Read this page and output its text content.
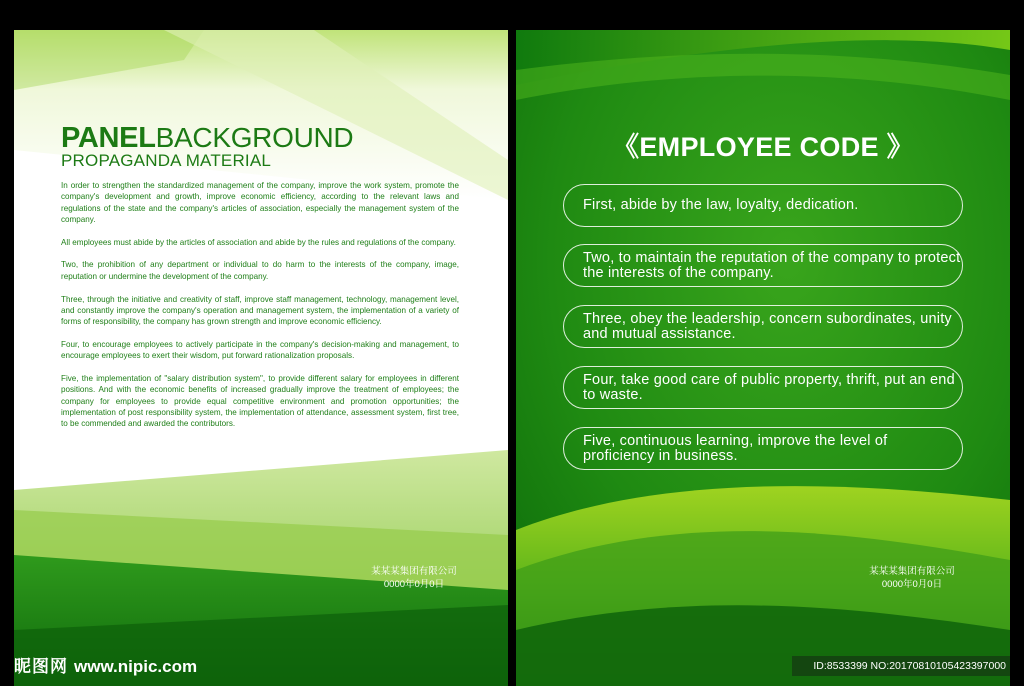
PANELBACKGROUND
PROPAGANDA MATERIAL

In order to strengthen the standardized management of the company, improve the work system, promote the company's development and growth, improve economic efficiency, according to the relevant laws and regulations of the state and the company's articles of association, especially the management system of the company.

All employees must abide by the articles of association and abide by the rules and regulations of the company.

Two, the prohibition of any department or individual to do harm to the interests of the company, image, reputation or undermine the development of the company.

Three, through the initiative and creativity of staff, improve staff management, technology, management level, and constantly improve the company's operation and management system, the implementation of a variety of forms of responsibility, the company has grown strength and improve economic efficiency.

Four, to encourage employees to actively participate in the company's decision-making and management, to encourage employees to exert their wisdom, put forward rationalization proposals.

Five, the implementation of "salary distribution system", to provide different salary for employees in different positions. And with the economic benefits of increased gradually improve the treatment of employees; the company for employees to provide equal competitive environment and promotion opportunities; the implementation of post responsibility system, the implementation of attendance, assessment system, first tree, to be commended and awarded the contributors.

某某某集团有限公司
0000年0月0日
《EMPLOYEE CODE 》
First, abide by the law, loyalty, dedication.
Two, to maintain the reputation of the company to protect the interests of the company.
Three, obey the leadership, concern subordinates, unity and mutual assistance.
Four, take good care of public property, thrift, put an end to waste.
Five, continuous learning, improve the level of proficiency in business.
某某某集团有限公司
0000年0月0日
昵图网 www.nipic.com	ID:8533399 NO:20170810105423397000
